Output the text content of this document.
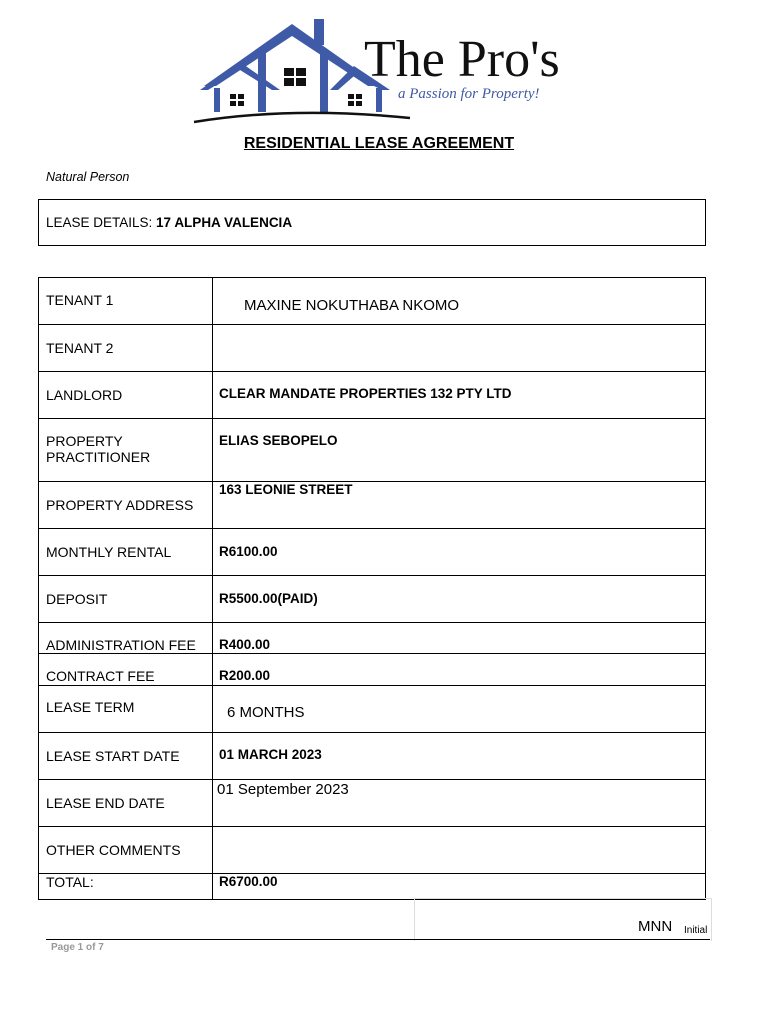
The Pro's
a Passion for Property!
RESIDENTIAL LEASE AGREEMENT
Natural Person
LEASE DETAILS: 17 ALPHA VALENCIA
TENANT 1	MAXINE NOKUTHABA NKOMO

TENANT 2	

LANDLORD	CLEAR MANDATE PROPERTIES 132 PTY LTD

PROPERTY
PRACTITIONER	ELIAS SEBOPELO

PROPERTY ADDRESS	163 LEONIE STREET

MONTHLY RENTAL	R6100.00

DEPOSIT	R5500.00(PAID)

ADMINISTRATION FEE	R400.00

CONTRACT FEE	R200.00

LEASE TERM	6 MONTHS

LEASE START DATE	01 MARCH 2023

LEASE END DATE	01 September 2023

OTHER COMMENTS	

TOTAL:	R6700.00
MNN Initial
Page 1 of 7
